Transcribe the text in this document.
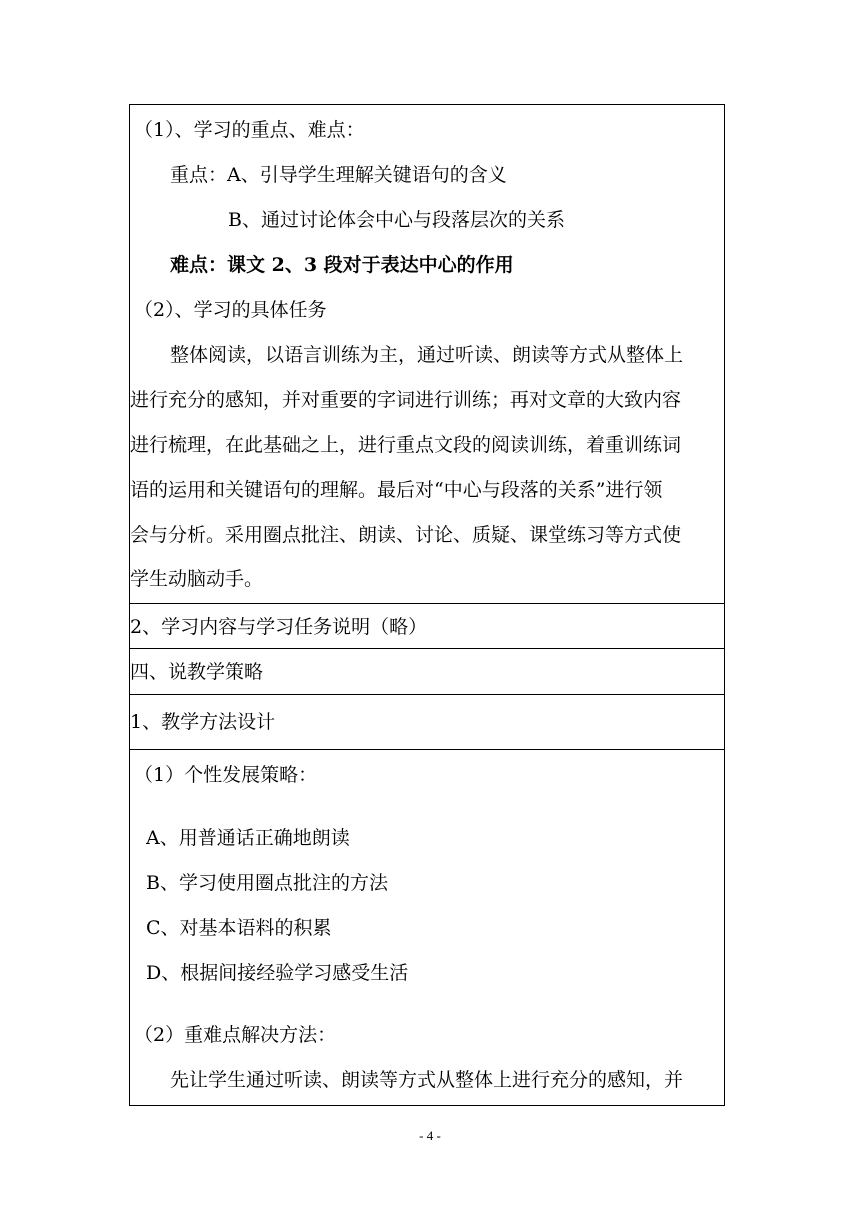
（1）、学习的重点、难点：
重点：A、引导学生理解关键语句的含义
B、通过讨论体会中心与段落层次的关系
难点：课文 2、3 段对于表达中心的作用
（2）、学习的具体任务
整体阅读，以语言训练为主，通过听读、朗读等方式从整体上
进行充分的感知，并对重要的字词进行训练；再对文章的大致内容
进行梳理，在此基础之上，进行重点文段的阅读训练，着重训练词
语的运用和关键语句的理解。最后对“中心与段落的关系”进行领
会与分析。采用圈点批注、朗读、讨论、质疑、课堂练习等方式使
学生动脑动手。
2、学习内容与学习任务说明（略）
四、说教学策略
1、教学方法设计
（1）个性发展策略：
A、用普通话正确地朗读
B、学习使用圈点批注的方法
C、对基本语料的积累
D、根据间接经验学习感受生活
（2）重难点解决方法：
先让学生通过听读、朗读等方式从整体上进行充分的感知，并
- 4 -
